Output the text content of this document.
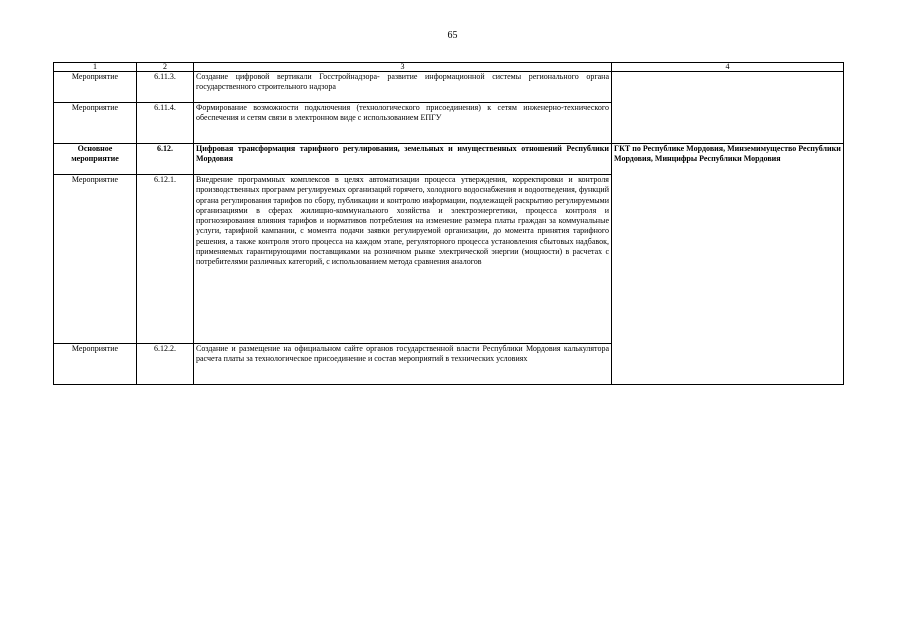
65
1	2	3	4
Мероприятие	6.11.3.	Создание цифровой вертикали Госстройнадзора- развитие информационной системы регионального органа государственного строительного надзора	
Мероприятие	6.11.4.	Формирование возможности подключения (технологического присоединения) к сетям инженерно-технического обеспечения и сетям связи в электронном виде с использованием ЕПГУ	
Основное мероприятие	6.12.	Цифровая трансформация тарифного регулирования, земельных и имущественных отношений Республики Мордовия	ГКТ по Республике Мордовия, Минземимущество Республики Мордовия, Минцифры Республики Мордовия
Мероприятие	6.12.1.	Внедрение программных комплексов в целях автоматизации процесса утверждения, корректировки и контроля производственных программ регулируемых организаций горячего, холодного водоснабжения и водоотведения, функций органа регулирования тарифов по сбору, публикации и контролю информации, подлежащей раскрытию регулируемыми организациями в сферах жилищно-коммунального хозяйства и электроэнергетики, процесса контроля и прогнозирования влияния тарифов и нормативов потребления на изменение размера платы граждан за коммунальные услуги, тарифной кампании, с момента подачи заявки регулируемой организации, до момента принятия тарифного решения, а также контроля этого процесса на каждом этапе, регуляторного процесса установления сбытовых надбавок, применяемых гарантирующими поставщиками на розничном рынке электрической энергии (мощности) в расчетах с потребителями различных категорий, с использованием метода сравнения аналогов	
Мероприятие	6.12.2.	Создание и размещение на официальном сайте органов государственной власти Республики Мордовия калькулятора расчета платы за технологическое присоединение и состав мероприятий в технических условиях	
